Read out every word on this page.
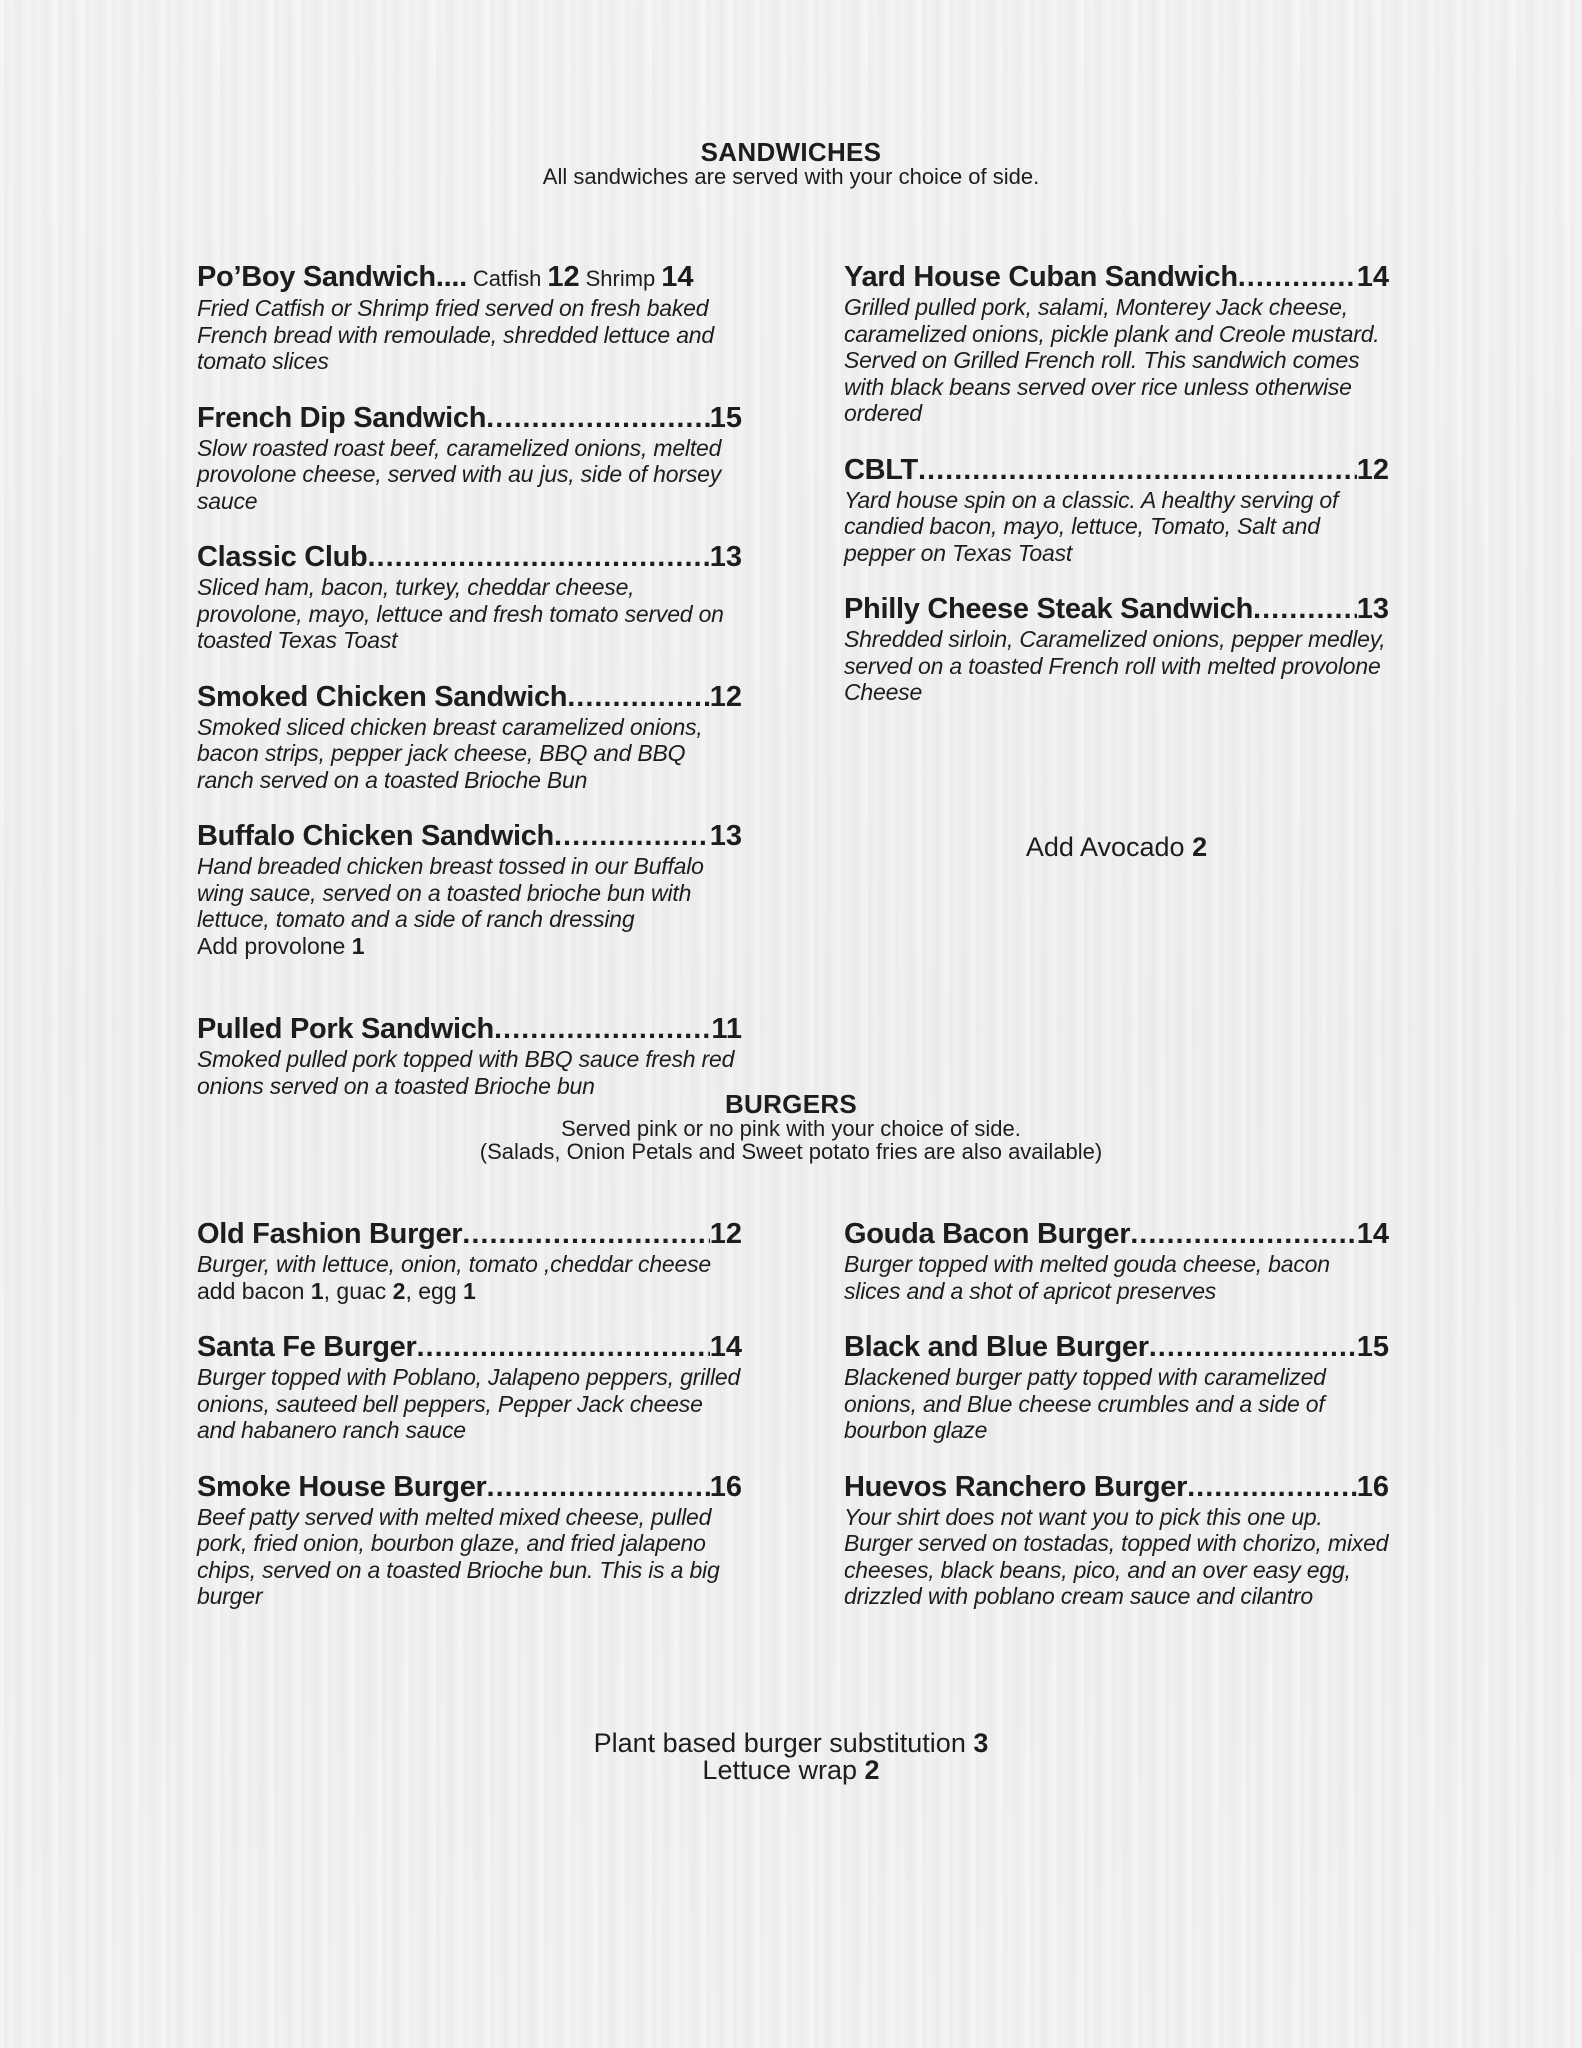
SANDWICHES

All sandwiches are served with your choice of side.

Po’Boy Sandwich.... Catfish 12 Shrimp 14

Fried Catfish or Shrimp fried served on fresh baked French bread with remoulade, shredded lettuce and tomato slices

French Dip Sandwich .....	15

Slow roasted roast beef, caramelized onions, melted provolone cheese, served with au jus, side of horsey sauce

Classic Club .....	13

Sliced ham, bacon, turkey, cheddar cheese, provolone, mayo, lettuce and fresh tomato served on toasted Texas Toast

Smoked Chicken Sandwich .....	12

Smoked sliced chicken breast caramelized onions, bacon strips, pepper jack cheese, BBQ and BBQ ranch served on a toasted Brioche Bun

Buffalo Chicken Sandwich .....	13

Hand breaded chicken breast tossed in our Buffalo wing sauce, served on a toasted brioche bun with lettuce, tomato and a side of ranch dressing

Add provolone 1

Pulled Pork Sandwich .....	11

Smoked pulled pork topped with BBQ sauce fresh red onions served on a toasted Brioche bun

Yard House Cuban Sandwich .....	14

Grilled pulled pork, salami, Monterey Jack cheese, caramelized onions, pickle plank and Creole mustard. Served on Grilled French roll. This sandwich comes with black beans served over rice unless otherwise ordered

CBLT .....	12

Yard house spin on a classic. A healthy serving of candied bacon, mayo, lettuce, Tomato, Salt and pepper on Texas Toast

Philly Cheese Steak Sandwich .....	13

Shredded sirloin, Caramelized onions, pepper medley, served on a toasted French roll with melted provolone Cheese

Add Avocado 2

BURGERS

Served pink or no pink with your choice of side.

(Salads, Onion Petals and Sweet potato fries are also available)

Old Fashion Burger .....	12

Burger, with lettuce, onion, tomato ,cheddar cheese

add bacon 1, guac 2, egg 1

Santa Fe Burger .....	14

Burger topped with Poblano, Jalapeno peppers, grilled onions, sauteed bell peppers, Pepper Jack cheese and habanero ranch sauce

Smoke House Burger .....	16

Beef patty served with melted mixed cheese, pulled pork, fried onion, bourbon glaze, and fried jalapeno chips, served on a toasted Brioche bun. This is a big burger

Gouda Bacon Burger .....	14

Burger topped with melted gouda cheese, bacon slices and a shot of apricot preserves

Black and Blue Burger .....	15

Blackened burger patty topped with caramelized onions, and Blue cheese crumbles and a side of bourbon glaze

Huevos Ranchero Burger .....	16

Your shirt does not want you to pick this one up. Burger served on tostadas, topped with chorizo, mixed cheeses, black beans, pico, and an over easy egg, drizzled with poblano cream sauce and cilantro

Plant based burger substitution 3
Lettuce wrap 2
